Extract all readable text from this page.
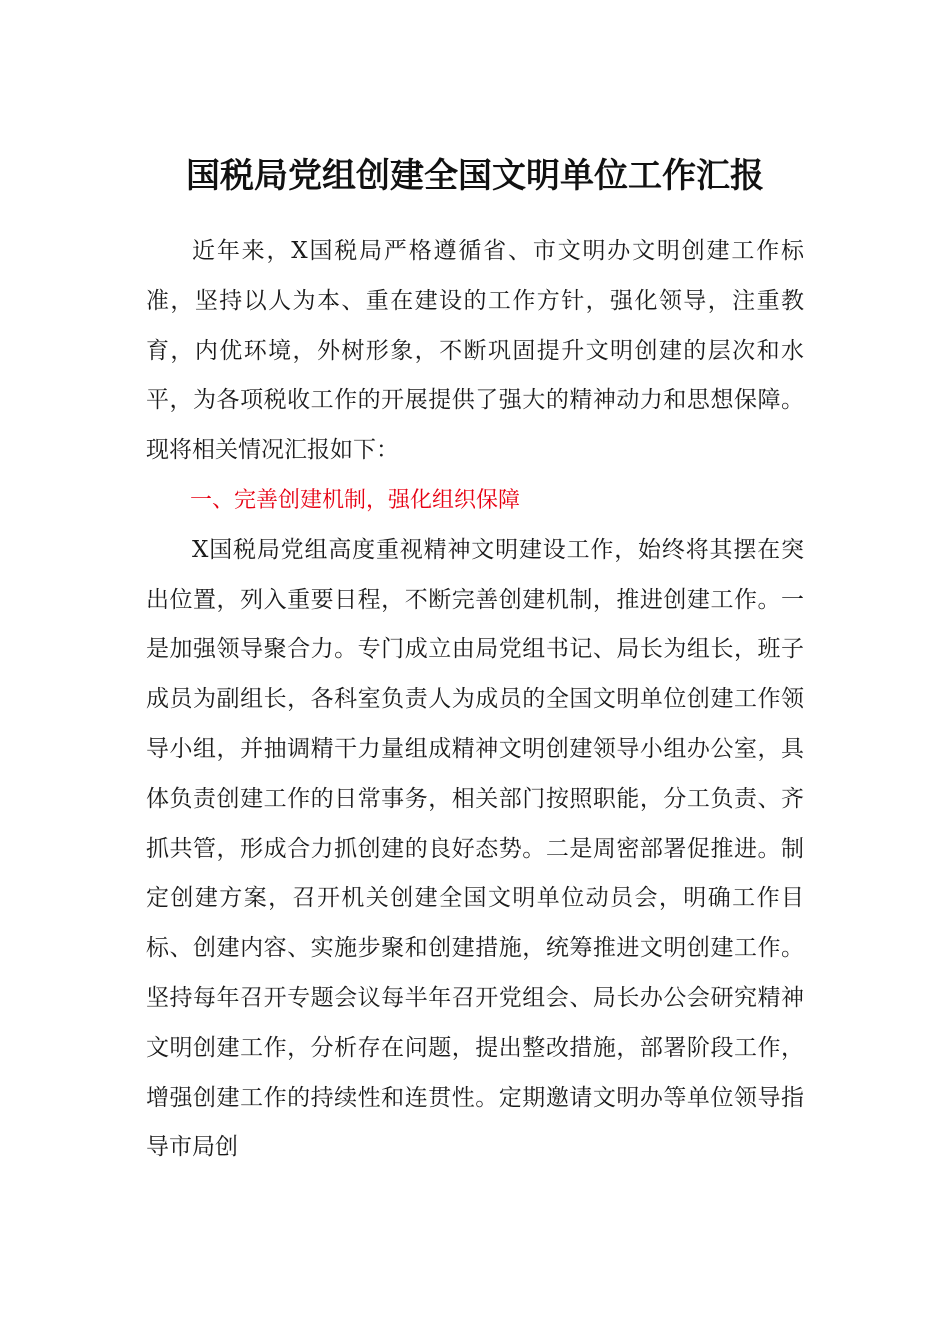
国税局党组创建全国文明单位工作汇报

近年来，X国税局严格遵循省、市文明办文明创建工作标准，坚持以人为本、重在建设的工作方针，强化领导，注重教育，内优环境，外树形象，不断巩固提升文明创建的层次和水平，为各项税收工作的开展提供了强大的精神动力和思想保障。现将相关情况汇报如下：

一、完善创建机制，强化组织保障

X国税局党组高度重视精神文明建设工作，始终将其摆在突出位置，列入重要日程，不断完善创建机制，推进创建工作。一是加强领导聚合力。专门成立由局党组书记、局长为组长，班子成员为副组长，各科室负责人为成员的全国文明单位创建工作领导小组，并抽调精干力量组成精神文明创建领导小组办公室，具体负责创建工作的日常事务，相关部门按照职能，分工负责、齐抓共管，形成合力抓创建的良好态势。二是周密部署促推进。制定创建方案，召开机关创建全国文明单位动员会，明确工作目标、创建内容、实施步聚和创建措施，统筹推进文明创建工作。坚持每年召开专题会议每半年召开党组会、局长办公会研究精神文明创建工作，分析存在问题，提出整改措施，部署阶段工作，增强创建工作的持续性和连贯性。定期邀请文明办等单位领导指导市局创
